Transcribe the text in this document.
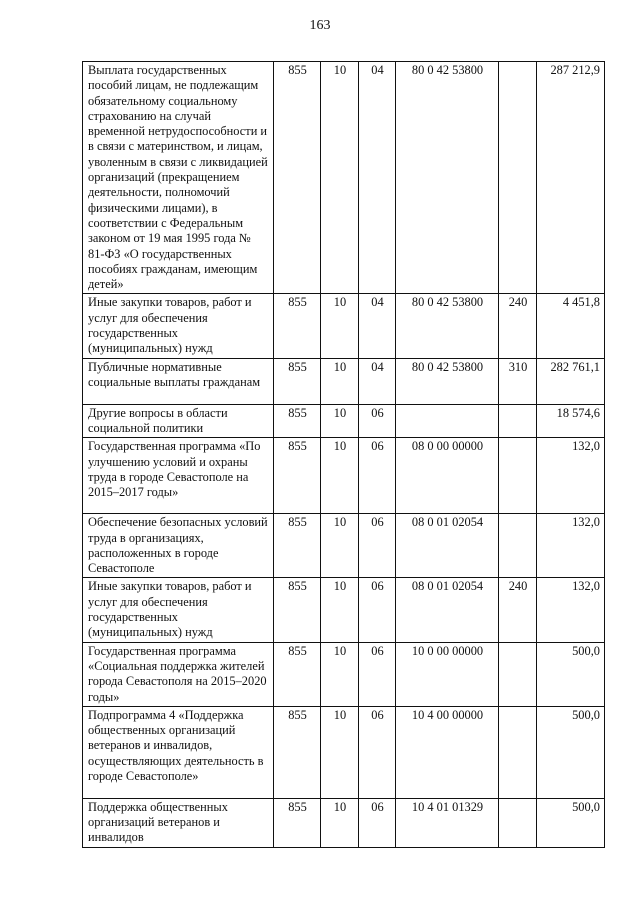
163
Выплата государственных пособий лицам, не подлежащим обязательному социальному страхованию на случай временной нетрудоспособности и в связи с материнством, и лицам, уволенным в связи с ликвидацией организаций (прекращением деятельности, полномочий физическими лицами), в соответствии с Федеральным законом от 19 мая 1995 года № 81-ФЗ «О государственных пособиях гражданам, имеющим детей»	855	10	04	80 0 42 53800		287 212,9
Иные закупки товаров, работ и услуг для обеспечения государственных (муниципальных) нужд	855	10	04	80 0 42 53800	240	4 451,8
Публичные нормативные социальные выплаты гражданам	855	10	04	80 0 42 53800	310	282 761,1
Другие вопросы в области социальной политики	855	10	06			18 574,6
Государственная программа «По улучшению условий и охраны труда в городе Севастополе на 2015–2017 годы»	855	10	06	08 0 00 00000		132,0
Обеспечение безопасных условий труда в организациях, расположенных в городе Севастополе	855	10	06	08 0 01 02054		132,0
Иные закупки товаров, работ и услуг для обеспечения государственных (муниципальных) нужд	855	10	06	08 0 01 02054	240	132,0
Государственная программа «Социальная поддержка жителей города Севастополя на 2015–2020 годы»	855	10	06	10 0 00 00000		500,0
Подпрограмма 4 «Поддержка общественных организаций ветеранов и инвалидов, осуществляющих деятельность в городе Севастополе»	855	10	06	10 4 00 00000		500,0
Поддержка общественных организаций ветеранов и инвалидов	855	10	06	10 4 01 01329		500,0
